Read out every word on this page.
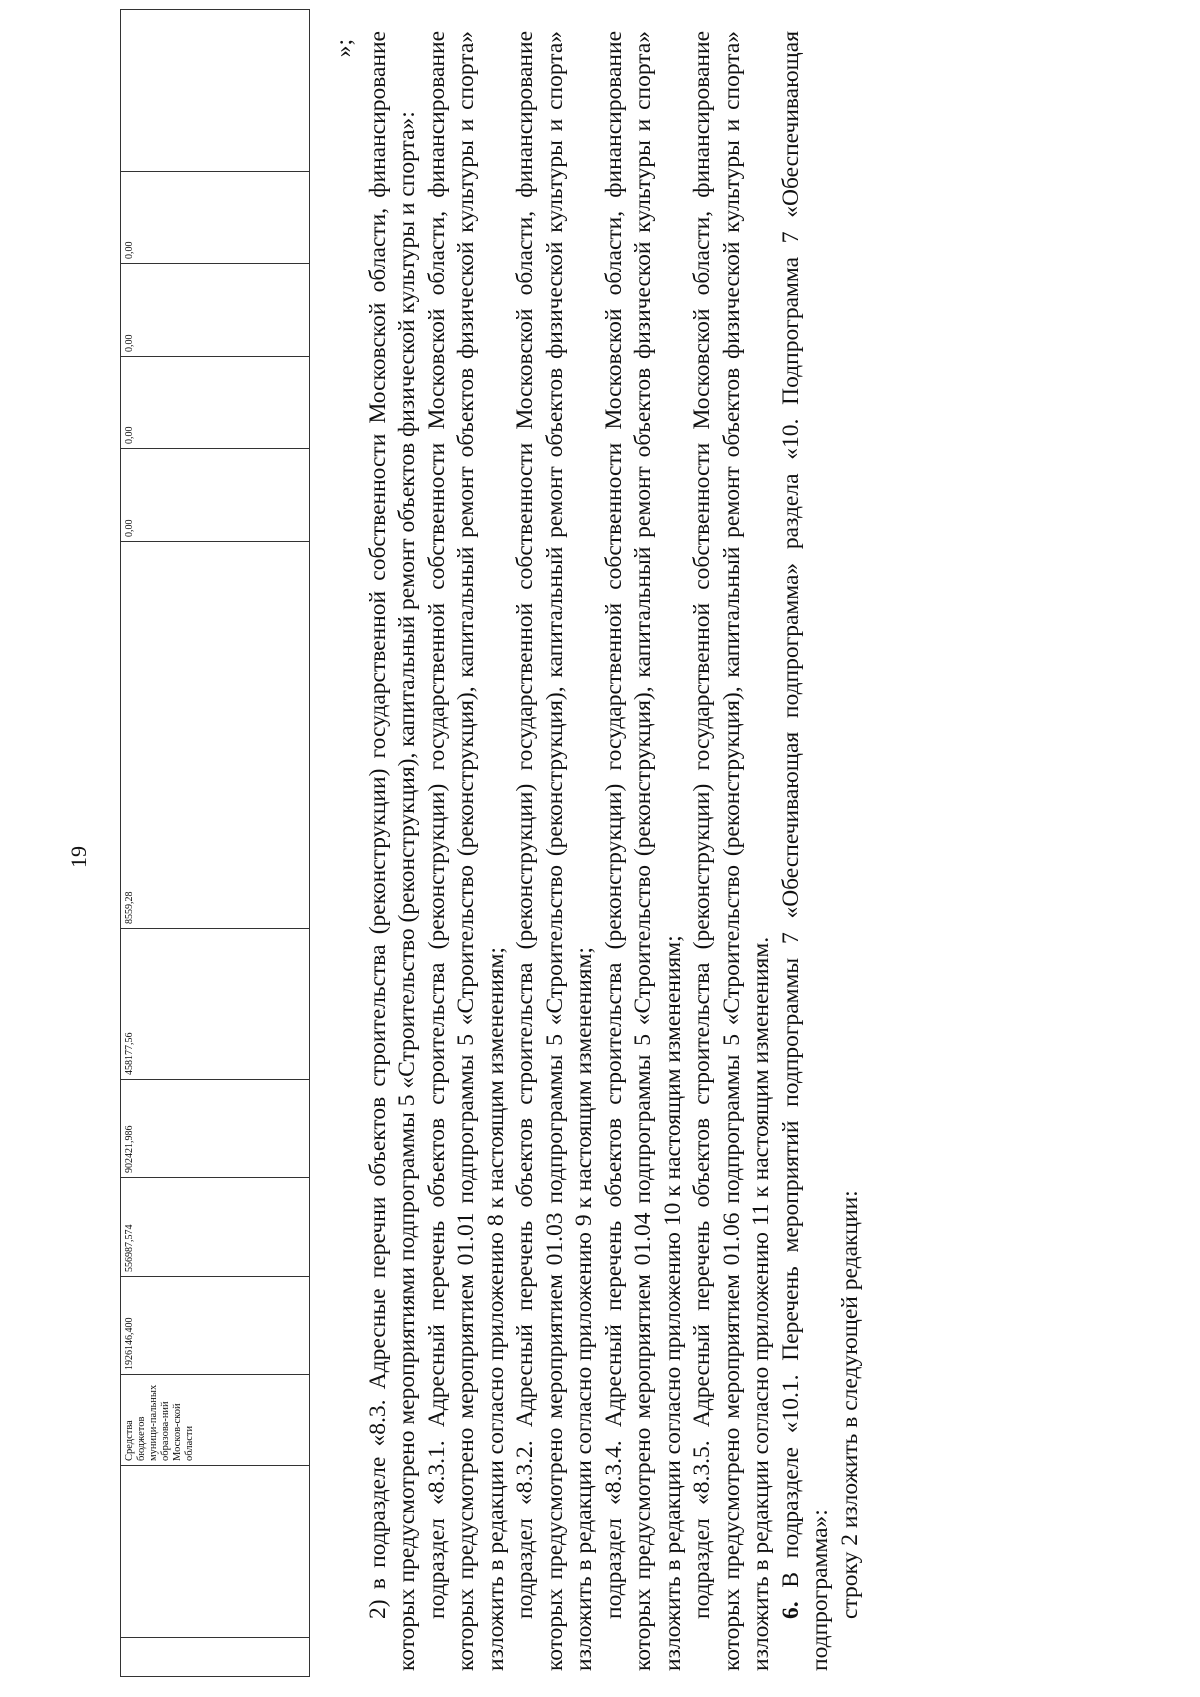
19
		Средства бюджетов муници-пальных образова-ний Москов-ской области	1926146,400	556987,574	902421,986	458177,56	8559,28	0,00	0,00	0,00	0,00	
»; 2) в подразделе «8.3. Адресные перечни объектов строительства (реконструкции) государственной собственности Московской области, финансирование которых предусмотрено мероприятиями подпрограммы 5 «Строительство (реконструкция), капитальный ремонт объектов физической культуры и спорта»: подраздел «8.3.1. Адресный перечень объектов строительства (реконструкции) государственной собственности Московской области, финансирование которых предусмотрено мероприятием 01.01 подпрограммы 5 «Строительство (реконструкция), капитальный ремонт объектов физической культуры и спорта» изложить в редакции согласно приложению 8 к настоящим изменениям; подраздел «8.3.2. Адресный перечень объектов строительства (реконструкции) государственной собственности Московской области, финансирование которых предусмотрено мероприятием 01.03 подпрограммы 5 «Строительство (реконструкция), капитальный ремонт объектов физической культуры и спорта» изложить в редакции согласно приложению 9 к настоящим изменениям; подраздел «8.3.4. Адресный перечень объектов строительства (реконструкции) государственной собственности Московской области, финансирование которых предусмотрено мероприятием 01.04 подпрограммы 5 «Строительство (реконструкция), капитальный ремонт объектов физической культуры и спорта» изложить в редакции согласно приложению 10 к настоящим изменениям; подраздел «8.3.5. Адресный перечень объектов строительства (реконструкции) государственной собственности Московской области, финансирование которых предусмотрено мероприятием 01.06 подпрограммы 5 «Строительство (реконструкция), капитальный ремонт объектов физической культуры и спорта» изложить в редакции согласно приложению 11 к настоящим изменениям. 6. В подразделе «10.1. Перечень мероприятий подпрограммы 7 «Обеспечивающая подпрограмма» раздела «10. Подпрограмма 7 «Обеспечивающая подпрограмма»: строку 2 изложить в следующей редакции:
